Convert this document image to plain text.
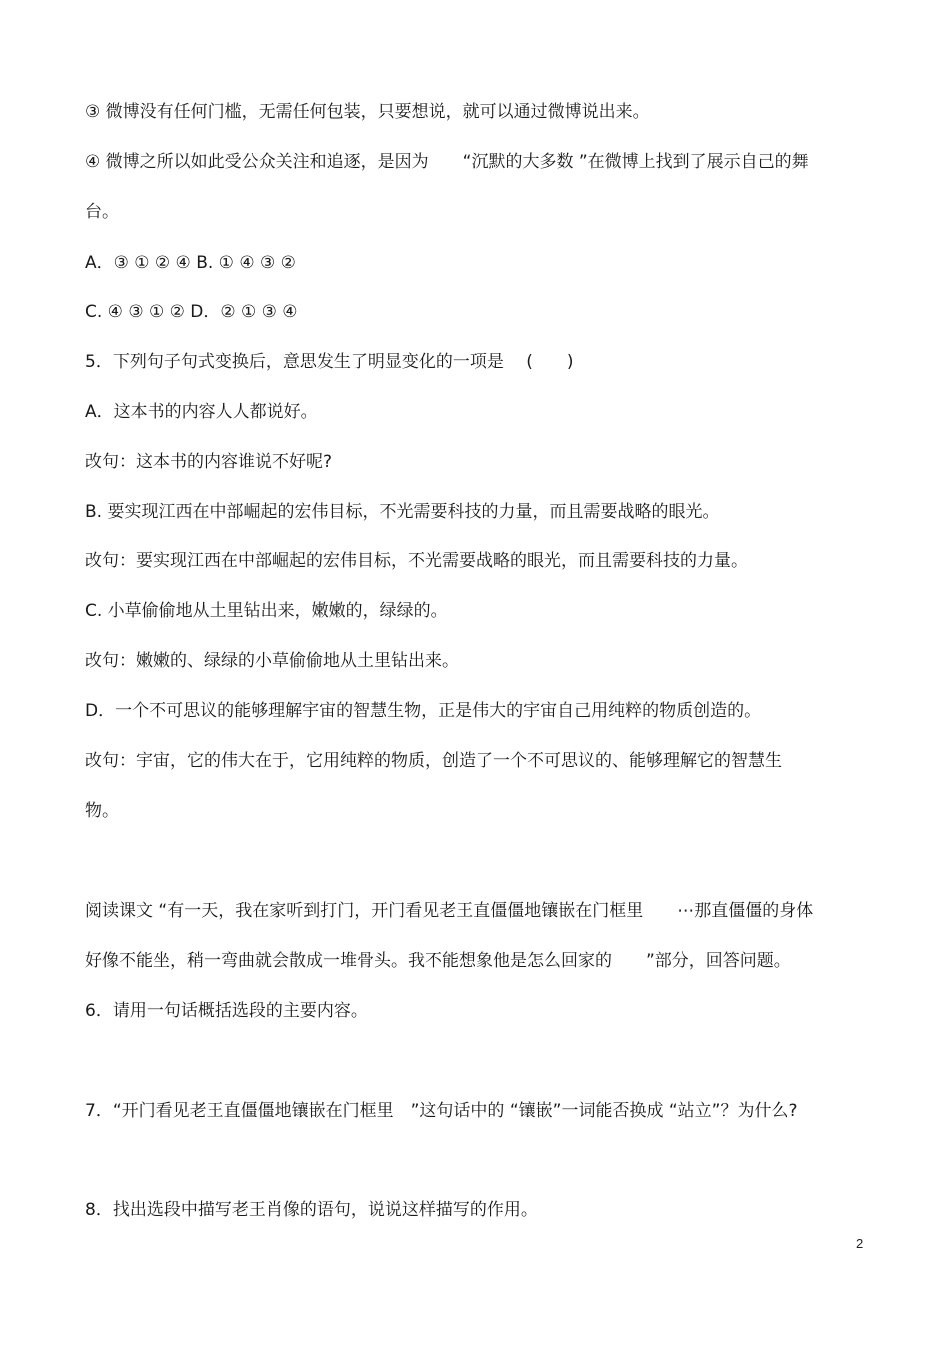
③ 微博没有任何门槛，无需任何包装，只要想说，就可以通过微博说出来。
④ 微博之所以如此受公众关注和追逐，是因为　　“沉默的大多数 ”在微博上找到了展示自己的舞
台。
A．③ ① ② ④ B. ① ④ ③ ②
C. ④ ③ ① ② D．② ① ③ ④
5．下列句子句式变换后，意思发生了明显变化的一项是　 (　　)
A．这本书的内容人人都说好。
改句：这本书的内容谁说不好呢?
B. 要实现江西在中部崛起的宏伟目标，不光需要科技的力量，而且需要战略的眼光。
改句：要实现江西在中部崛起的宏伟目标，不光需要战略的眼光，而且需要科技的力量。
C. 小草偷偷地从土里钻出来，嫩嫩的，绿绿的。
改句：嫩嫩的、绿绿的小草偷偷地从土里钻出来。
D．一个不可思议的能够理解宇宙的智慧生物，正是伟大的宇宙自己用纯粹的物质创造的。
改句：宇宙，它的伟大在于，它用纯粹的物质，创造了一个不可思议的、能够理解它的智慧生
物。
阅读课文 “有一天，我在家听到打门，开门看见老王直僵僵地镶嵌在门框里　　⋯那直僵僵的身体
好像不能坐，稍一弯曲就会散成一堆骨头。我不能想象他是怎么回家的　　”部分，回答问题。
6．请用一句话概括选段的主要内容。
7．“开门看见老王直僵僵地镶嵌在门框里　”这句话中的 “镶嵌”一词能否换成 “站立”？为什么?
8．找出选段中描写老王肖像的语句，说说这样描写的作用。
2
